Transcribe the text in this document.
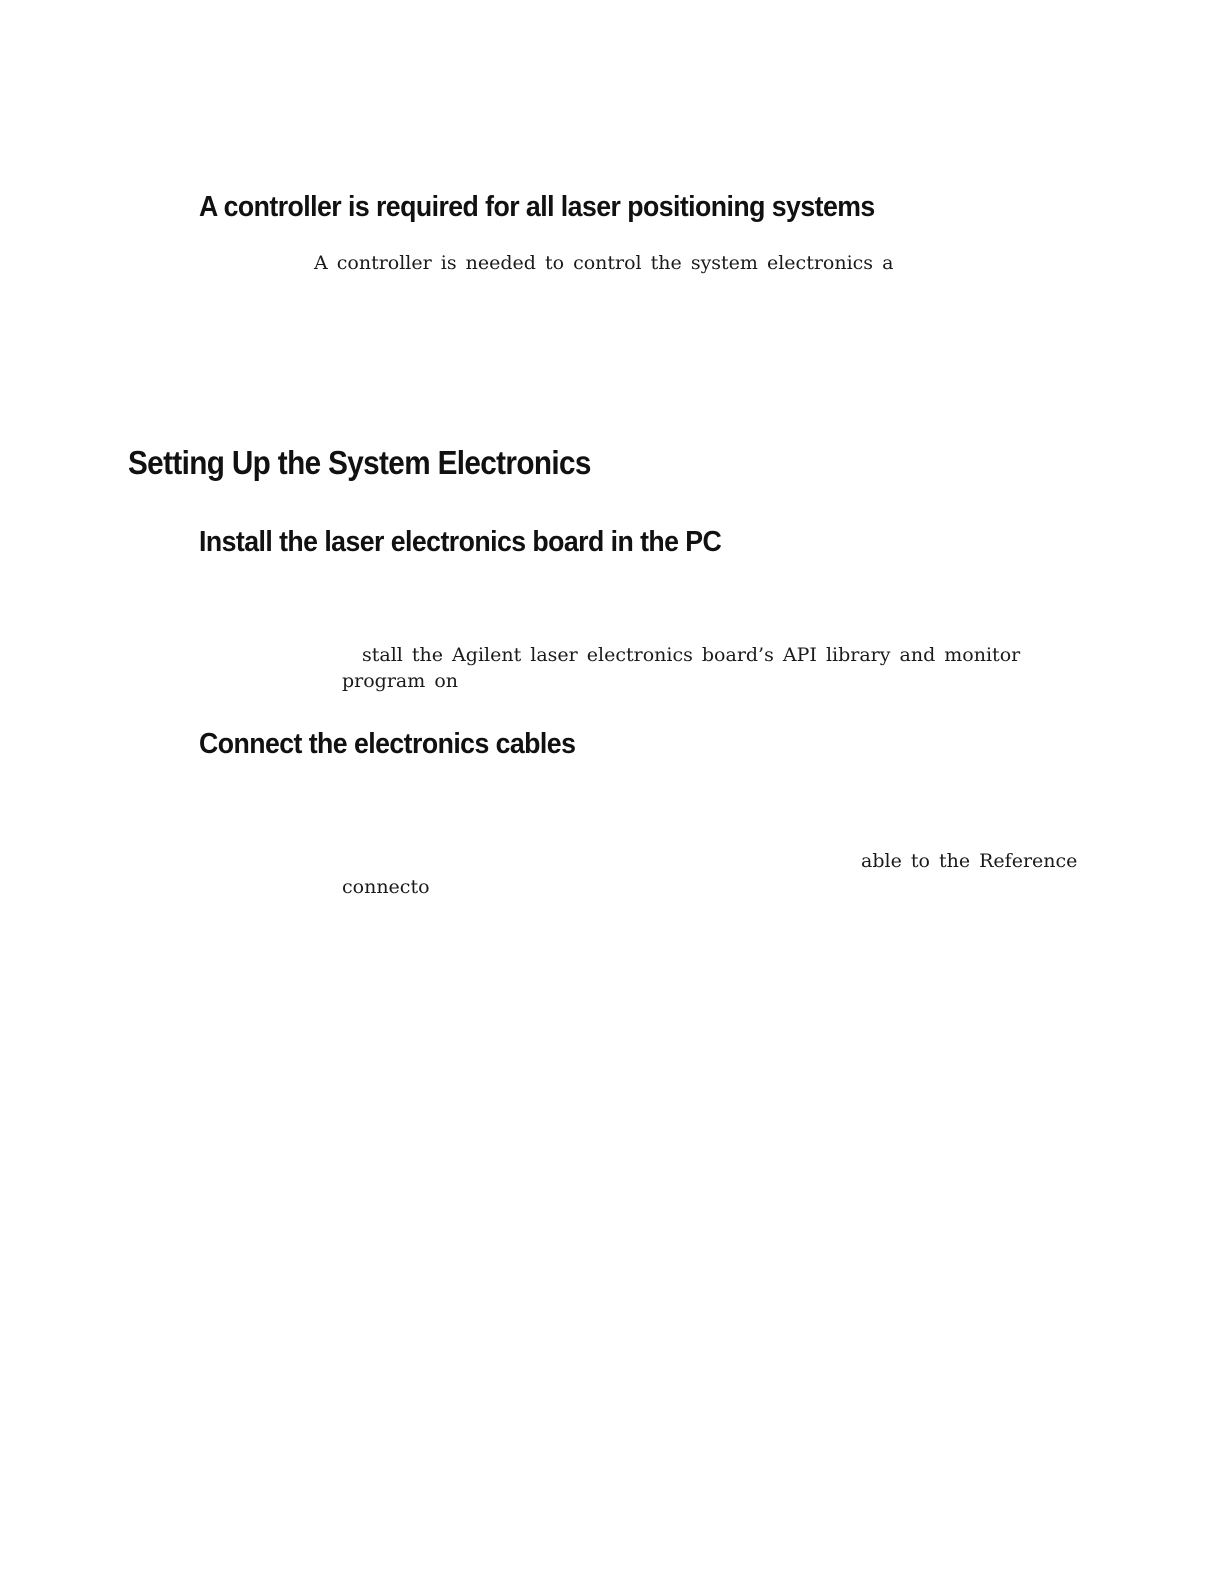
A controller is required for all laser positioning systems

A controller is needed to control the system electronics a

Setting Up the System Electronics
Install the laser electronics board in the PC

stall the Agilent laser electronics board’s API library and monitor

program on

Connect the electronics cables

able to the Reference

connecto
